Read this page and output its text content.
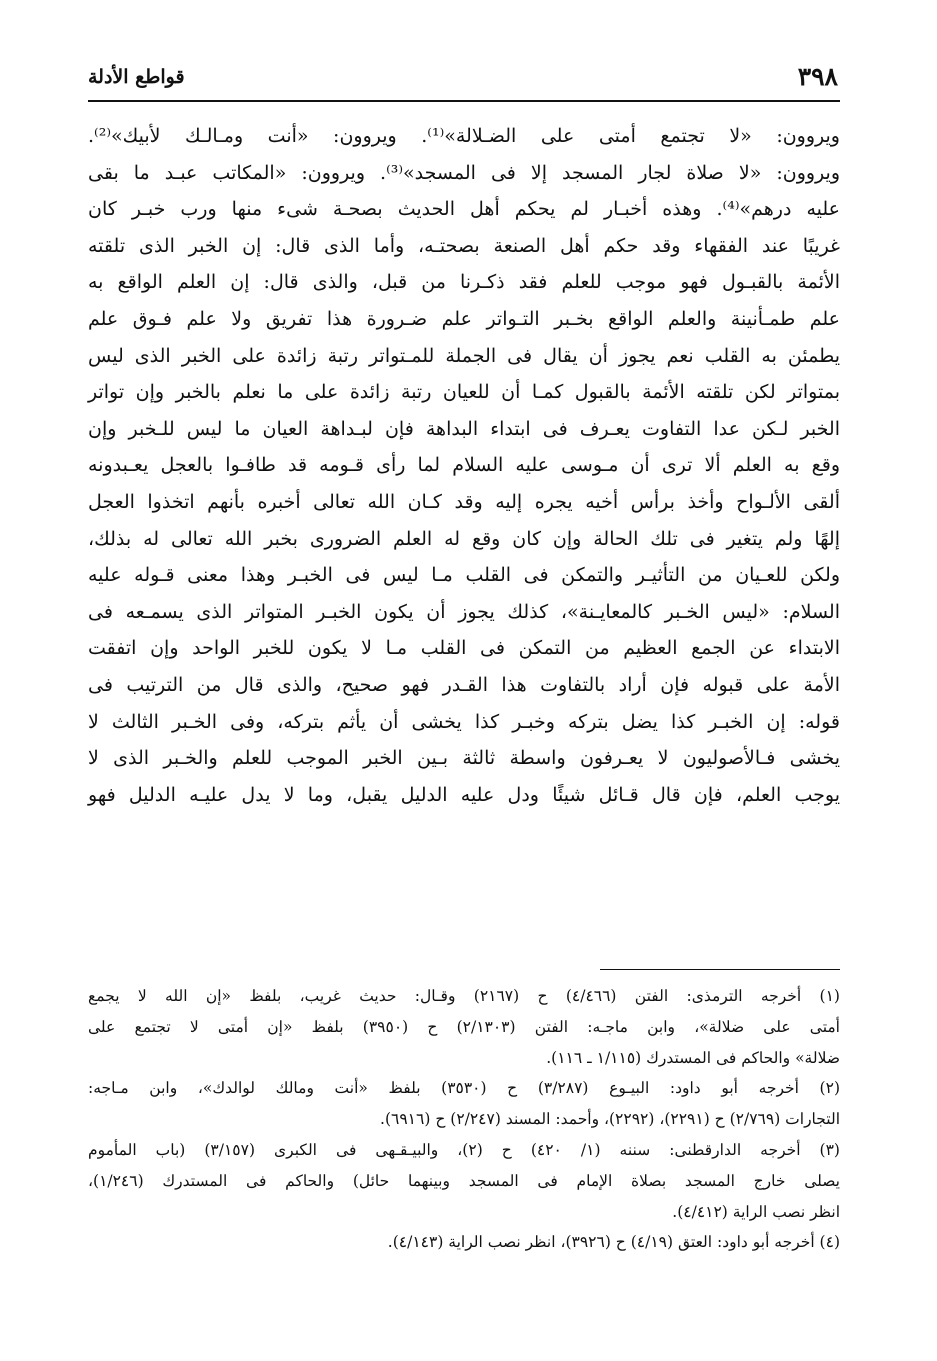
٣٩٨
قواطع الأدلة
ويروون: «لا تجتمع أمتى على الضـلالة»⁽¹⁾. ويروون: «أنت ومـالـك لأبيك»⁽²⁾.
ويروون: «لا صلاة لجار المسجد إلا فى المسجد»⁽³⁾. ويروون: «المكاتب عبـد ما بقى
عليه درهم»⁽⁴⁾. وهذه أخبـار لم يحكم أهل الحديث بصحـة شىء منها ورب خبـر كان
غريبًا عند الفقهاء وقد حكم أهل الصنعة بصحتـه، وأما الذى قال: إن الخبر الذى تلقته
الأئمة بالقبـول فهو موجب للعلم فقد ذكـرنا من قبل، والذى قال: إن العلم الواقع به
علم طمـأنينة والعلم الواقع بخـبر التـواتر علم ضـرورة هذا تفريق ولا علم فـوق علم
يطمئن به القلب نعم يجوز أن يقال فى الجملة للمـتواتر رتبة زائدة على الخبر الذى ليس
بمتواتر لكن تلقته الأئمة بالقبول كمـا أن للعيان رتبة زائدة على ما نعلم بالخبر وإن تواتر
الخبر لـكن عدا التفاوت يعـرف فى ابتداء البداهة فإن لبـداهة العيان ما ليس للـخبر وإن
وقع به العلم ألا ترى أن مـوسى عليه السلام لما رأى قـومه قد طافـوا بالعجل يعـبدونه
ألقى الألـواح وأخذ برأس أخيه يجره إليه وقد كـان الله تعالى أخبره بأنهم اتخذوا العجل
إلهًا ولم يتغير فى تلك الحالة وإن كان وقع له العلم الضرورى بخبر الله تعالى له بذلك،
ولكن للعـيان من التأثيـر والتمكن فى القلب مـا ليس فى الخبـر وهذا معنى قـوله عليه
السلام: «ليس الخـبر كالمعايـنة»، كذلك يجوز أن يكون الخبـر المتواتر الذى يسمـعه فى
الابتداء عن الجمع العظيم من التمكن فى القلب مـا لا يكون للخبر الواحد وإن اتفقت
الأمة على قبوله فإن أراد بالتفاوت هذا القـدر فهو صحيح، والذى قال من الترتيب فى
قوله: إن الخبـر كذا يضل بتركه وخبـر كذا يخشى أن يأثم بتركه، وفى الخـبر الثالث لا
يخشى فـالأصوليون لا يعـرفون واسطة ثالثة بـين الخبر الموجب للعلم والخـبر الذى لا
يوجب العلم، فإن قال قـائل شيئًا ودل عليه الدليل يقبل، وما لا يدل عليـه الدليل فهو
(١) أخرجه الترمذى: الفتن (٤/٤٦٦) ح (٢١٦٧) وقـال: حديث غريب، بلفظ «إن الله لا يجمع
أمتى على ضلالة»، وابن ماجـه: الفتن (٢/١٣٠٣) ح (٣٩٥٠) بلفظ «إن أمتى لا تجتمع على
ضلالة» والحاكم فى المستدرك (١/١١٥ ـ ١١٦).
(٢) أخرجه أبو داود: البيـوع (٣/٢٨٧) ح (٣٥٣٠) بلفظ «أنت ومالك لوالدك»، وابن مـاجه:
التجارات (٢/٧٦٩) ح (٢٢٩١)، (٢٢٩٢)، وأحمد: المسند (٢/٢٤٧) ح (٦٩١٦).
(٣) أخرجه الدارقطنى: سننه (١/ ٤٢٠) ح (٢)، والبيـقـهى فى الكبرى (٣/١٥٧) (باب المأموم
يصلى خارج المسجد بصلاة الإمام فى المسجد وبينهما حائل) والحاكم فى المستدرك (١/٢٤٦)،
انظر نصب الراية (٤/٤١٢).
(٤) أخرجه أبو داود: العتق (٤/١٩) ح (٣٩٢٦)، انظر نصب الراية (٤/١٤٣).
